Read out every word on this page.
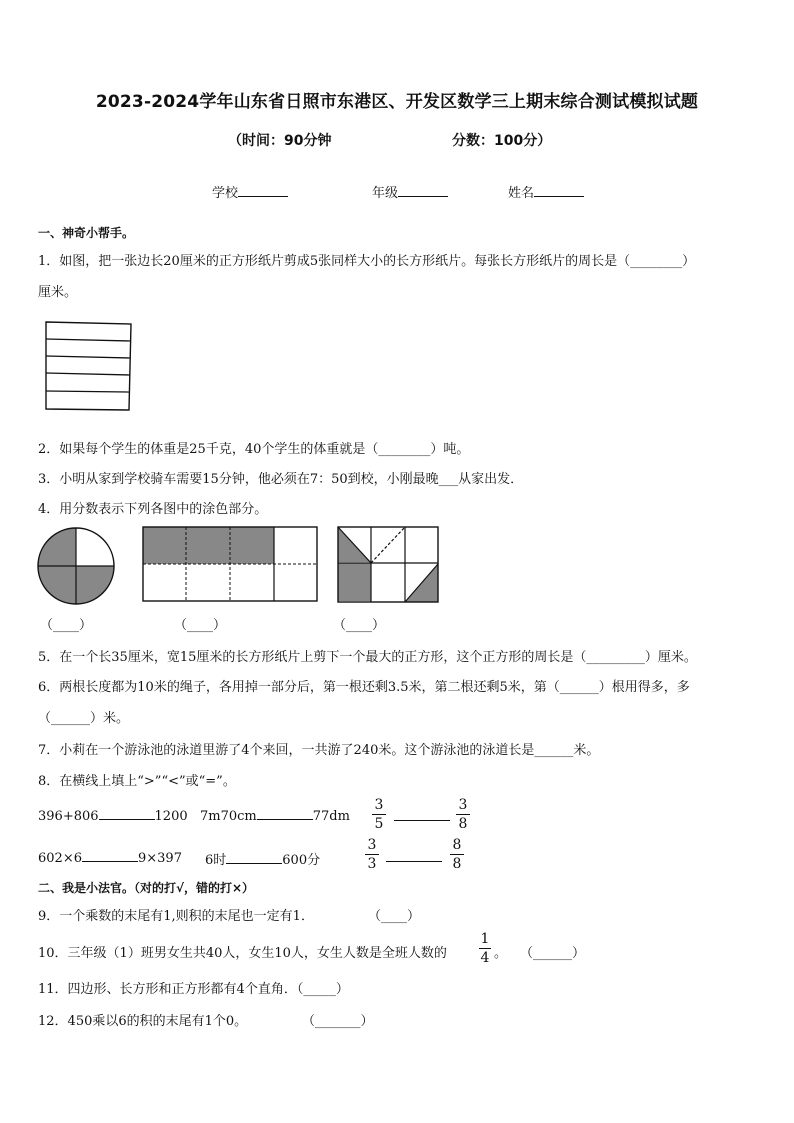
2023-2024学年山东省日照市东港区、开发区数学三上期末综合测试模拟试题
（时间：90分钟	分数：100分）
学校	年级	姓名
一、神奇小帮手。
1．如图，把一张边长20厘米的正方形纸片剪成5张同样大小的长方形纸片。每张长方形纸片的周长是（________）
厘米。
2．如果每个学生的体重是25千克，40个学生的体重就是（________）吨。
3．小明从家到学校骑车需要15分钟，他必须在7：50到校，小刚最晚___从家出发．
4．用分数表示下列各图中的涂色部分。
（____）	（____）	（____）
5．在一个长35厘米，宽15厘米的长方形纸片上剪下一个最大的正方形，这个正方形的周长是（_________）厘米。
6．两根长度都为10米的绳子，各用掉一部分后，第一根还剩3.5米，第二根还剩5米，第（______）根用得多，多
（______）米。
7．小莉在一个游泳池的泳道里游了4个来回，一共游了240米。这个游泳池的泳道长是______米。
8．在横线上填上“>”“<”或“=”。
396+806	1200 7m70cm	77dm
3
5
3
8
602×6	9×397 6时	600分
3
3
8
8
二、我是小法官。（对的打√，错的打×）
9．一个乘数的末尾有1,则积的末尾也一定有1．	（____）
10．三年级（1）班男女生共40人，女生10人，女生人数是全班人数的
1
4 。 （______）
11．四边形、长方形和正方形都有4个直角．（_____）
12．450乘以6的积的末尾有1个0。	（_______）
